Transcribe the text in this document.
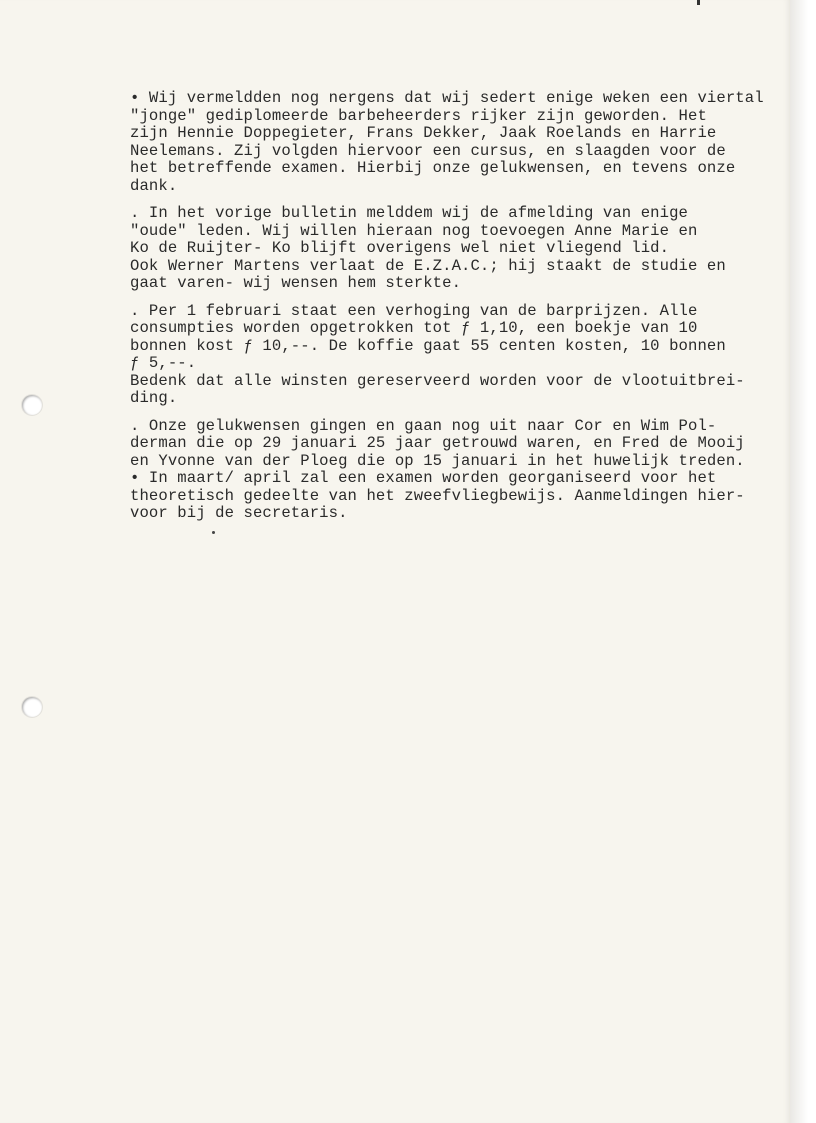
• Wij vermeldden nog nergens dat wij sedert enige weken een viertal
"jonge" gediplomeerde barbeheerders rijker zijn geworden. Het
zijn Hennie Doppegieter, Frans Dekker, Jaak Roelands en Harrie
Neelemans. Zij volgden hiervoor een cursus, en slaagden voor de
het betreffende examen. Hierbij onze gelukwensen, en tevens onze
dank.
. In het vorige bulletin melddem wij de afmelding van enige
"oude" leden. Wij willen hieraan nog toevoegen Anne Marie en
Ko de Ruijter- Ko blijft overigens wel niet vliegend lid.
Ook Werner Martens verlaat de E.Z.A.C.; hij staakt de studie en
gaat varen- wij wensen hem sterkte.
. Per 1 februari staat een verhoging van de barprijzen. Alle
consumpties worden opgetrokken tot ƒ 1,10, een boekje van 10
bonnen kost ƒ 10,--. De koffie gaat 55 centen kosten, 10 bonnen
ƒ 5,--.
Bedenk dat alle winsten gereserveerd worden voor de vlootuitbrei-
ding.
. Onze gelukwensen gingen en gaan nog uit naar Cor en Wim Pol-
derman die op 29 januari 25 jaar getrouwd waren, en Fred de Mooij
en Yvonne van der Ploeg die op 15 januari in het huwelijk treden.
• In maart/ april zal een examen worden georganiseerd voor het
theoretisch gedeelte van het zweefvliegbewijs. Aanmeldingen hier-
voor bij de secretaris.
